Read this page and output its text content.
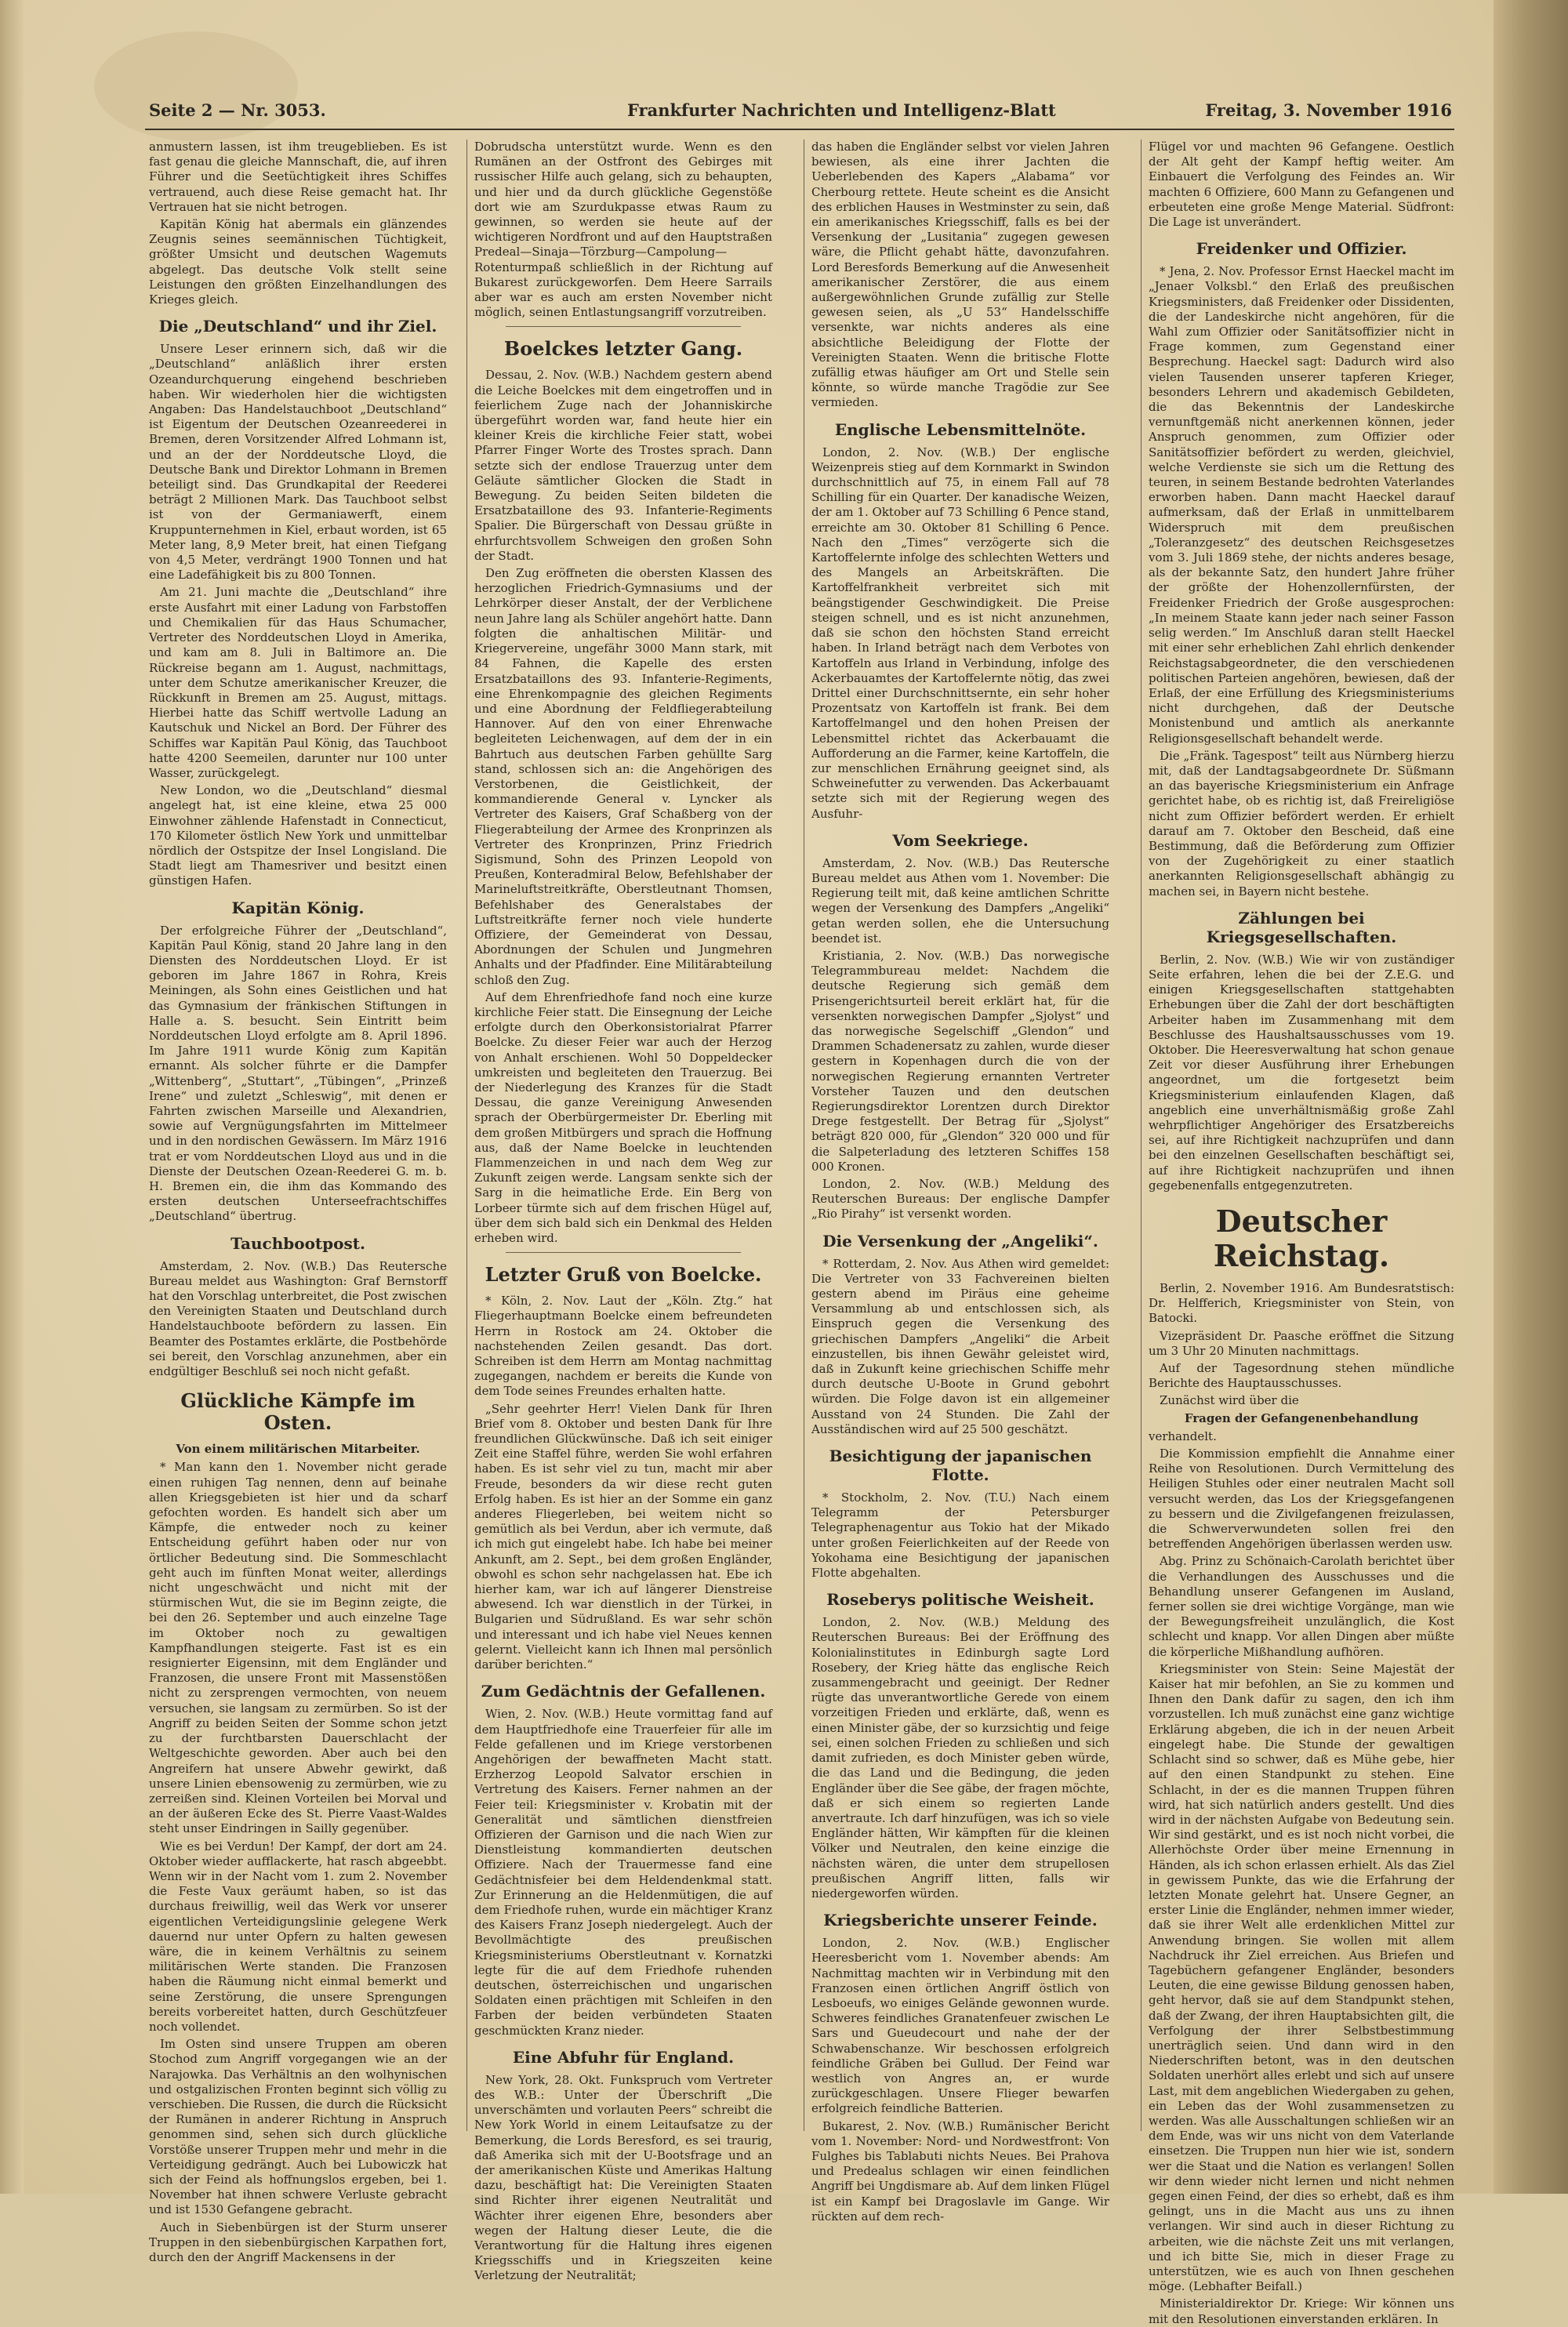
Seite 2 — Nr. 3053.	Frankfurter Nachrichten und Intelligenz-Blatt	Freitag, 3. November 1916

anmustern lassen, ist ihm treugeblieben. Es ist fast genau die gleiche Mannschaft, die, auf ihren Führer und die Seetüchtigkeit ihres Schiffes vertrauend, auch diese Reise gemacht hat. Ihr Vertrauen hat sie nicht betrogen.

Kapitän König hat abermals ein glänzendes Zeugnis seines seemännischen Tüchtigkeit, größter Umsicht und deutschen Wagemuts abgelegt. Das deutsche Volk stellt seine Leistungen den größten Einzelhandlungen des Krieges gleich.

Die „Deutschland“ und ihr Ziel.

Unsere Leser erinnern sich, daß wir die „Deutschland“ anläßlich ihrer ersten Ozeandurchquerung eingehend beschrieben haben. Wir wiederholen hier die wichtigsten Angaben: Das Handelstauchboot „Deutschland“ ist Eigentum der Deutschen Ozeanreederei in Bremen, deren Vorsitzender Alfred Lohmann ist, und an der der Norddeutsche Lloyd, die Deutsche Bank und Direktor Lohmann in Bremen beteiligt sind. Das Grundkapital der Reederei beträgt 2 Millionen Mark. Das Tauchboot selbst ist von der Germaniawerft, einem Kruppunternehmen in Kiel, erbaut worden, ist 65 Meter lang, 8,9 Meter breit, hat einen Tiefgang von 4,5 Meter, verdrängt 1900 Tonnen und hat eine Ladefähigkeit bis zu 800 Tonnen.

Am 21. Juni machte die „Deutschland“ ihre erste Ausfahrt mit einer Ladung von Farbstoffen und Chemikalien für das Haus Schumacher, Vertreter des Norddeutschen Lloyd in Amerika, und kam am 8. Juli in Baltimore an. Die Rückreise begann am 1. August, nachmittags, unter dem Schutze amerikanischer Kreuzer, die Rückkunft in Bremen am 25. August, mittags. Hierbei hatte das Schiff wertvolle Ladung an Kautschuk und Nickel an Bord. Der Führer des Schiffes war Kapitän Paul König, das Tauchboot hatte 4200 Seemeilen, darunter nur 100 unter Wasser, zurückgelegt.

New London, wo die „Deutschland“ diesmal angelegt hat, ist eine kleine, etwa 25 000 Einwohner zählende Hafenstadt in Connecticut, 170 Kilometer östlich New York und unmittelbar nördlich der Ostspitze der Insel Longisland. Die Stadt liegt am Thamesriver und besitzt einen günstigen Hafen.

Kapitän König.

Der erfolgreiche Führer der „Deutschland“, Kapitän Paul König, stand 20 Jahre lang in den Diensten des Norddeutschen Lloyd. Er ist geboren im Jahre 1867 in Rohra, Kreis Meiningen, als Sohn eines Geistlichen und hat das Gymnasium der fränkischen Stiftungen in Halle a. S. besucht. Sein Eintritt beim Norddeutschen Lloyd erfolgte am 8. April 1896. Im Jahre 1911 wurde König zum Kapitän ernannt. Als solcher führte er die Dampfer „Wittenberg“, „Stuttart“, „Tübingen“, „Prinzeß Irene“ und zuletzt „Schleswig“, mit denen er Fahrten zwischen Marseille und Alexandrien, sowie auf Vergnügungsfahrten im Mittelmeer und in den nordischen Gewässern. Im März 1916 trat er vom Norddeutschen Lloyd aus und in die Dienste der Deutschen Ozean-Reederei G. m. b. H. Bremen ein, die ihm das Kommando des ersten deutschen Unterseefrachtschiffes „Deutschland“ übertrug.

Tauchbootpost.

Amsterdam, 2. Nov. (W.B.) Das Reutersche Bureau meldet aus Washington: Graf Bernstorff hat den Vorschlag unterbreitet, die Post zwischen den Vereinigten Staaten und Deutschland durch Handelstauchboote befördern zu lassen. Ein Beamter des Postamtes erklärte, die Postbehörde sei bereit, den Vorschlag anzunehmen, aber ein endgültiger Beschluß sei noch nicht gefaßt.

Glückliche Kämpfe im Osten.
Von einem militärischen Mitarbeiter.

* Man kann den 1. November nicht gerade einen ruhigen Tag nennen, denn auf beinahe allen Kriegsgebieten ist hier und da scharf gefochten worden. Es handelt sich aber um Kämpfe, die entweder noch zu keiner Entscheidung geführt haben oder nur von örtlicher Bedeutung sind. Die Sommeschlacht geht auch im fünften Monat weiter, allerdings nicht ungeschwächt und nicht mit der stürmischen Wut, die sie im Beginn zeigte, die bei den 26. September und auch einzelne Tage im Oktober noch zu gewaltigen Kampfhandlungen steigerte. Fast ist es ein resignierter Eigensinn, mit dem Engländer und Franzosen, die unsere Front mit Massenstößen nicht zu zersprengen vermochten, von neuem versuchen, sie langsam zu zermürben. So ist der Angriff zu beiden Seiten der Somme schon jetzt zu der furchtbarsten Dauerschlacht der Weltgeschichte geworden. Aber auch bei den Angreifern hat unsere Abwehr gewirkt, daß unsere Linien ebensowenig zu zermürben, wie zu zerreißen sind. Kleinen Vorteilen bei Morval und an der äußeren Ecke des St. Pierre Vaast-Waldes steht unser Eindringen in Sailly gegenüber.

Wie es bei Verdun! Der Kampf, der dort am 24. Oktober wieder aufflackerte, hat rasch abgeebbt. Wenn wir in der Nacht vom 1. zum 2. November die Feste Vaux geräumt haben, so ist das durchaus freiwillig, weil das Werk vor unserer eigentlichen Verteidigungslinie gelegene Werk dauernd nur unter Opfern zu halten gewesen wäre, die in keinem Verhältnis zu seinem militärischen Werte standen. Die Franzosen haben die Räumung nicht einmal bemerkt und seine Zerstörung, die unsere Sprengungen bereits vorbereitet hatten, durch Geschützfeuer noch vollendet.

Im Osten sind unsere Truppen am oberen Stochod zum Angriff vorgegangen wie an der Narajowka. Das Verhältnis an den wolhynischen und ostgalizischen Fronten beginnt sich völlig zu verschieben. Die Russen, die durch die Rücksicht der Rumänen in anderer Richtung in Anspruch genommen sind, sehen sich durch glückliche Vorstöße unserer Truppen mehr und mehr in die Verteidigung gedrängt. Auch bei Lubowiczk hat sich der Feind als hoffnungslos ergeben, bei 1. November hat ihnen schwere Verluste gebracht und ist 1530 Gefangene gebracht.

Auch in Siebenbürgen ist der Sturm unserer Truppen in den siebenbürgischen Karpathen fort, durch den der Angriff Mackensens in der

Dobrudscha unterstützt wurde. Wenn es den Rumänen an der Ostfront des Gebirges mit russischer Hilfe auch gelang, sich zu behaupten, und hier und da durch glückliche Gegenstöße dort wie am Szurdukpasse etwas Raum zu gewinnen, so werden sie heute auf der wichtigeren Nordfront und auf den Hauptstraßen Predeal—Sinaja—Törzburg—Campolung—Rotenturmpaß schließlich in der Richtung auf Bukarest zurückgeworfen. Dem Heere Sarrails aber war es auch am ersten November nicht möglich, seinen Entlastungsangriff vorzutreiben.

Boelckes letzter Gang.

Dessau, 2. Nov. (W.B.) Nachdem gestern abend die Leiche Boelckes mit dem eingetroffen und in feierlichem Zuge nach der Johanniskirche übergeführt worden war, fand heute hier ein kleiner Kreis die kirchliche Feier statt, wobei Pfarrer Finger Worte des Trostes sprach. Dann setzte sich der endlose Trauerzug unter dem Geläute sämtlicher Glocken die Stadt in Bewegung. Zu beiden Seiten bildeten die Ersatzbataillone des 93. Infanterie-Regiments Spalier. Die Bürgerschaft von Dessau grüßte in ehrfurchtsvollem Schweigen den großen Sohn der Stadt.

Den Zug eröffneten die obersten Klassen des herzoglichen Friedrich-Gymnasiums und der Lehrkörper dieser Anstalt, der der Verblichene neun Jahre lang als Schüler angehört hatte. Dann folgten die anhaltischen Militär- und Kriegervereine, ungefähr 3000 Mann stark, mit 84 Fahnen, die Kapelle des ersten Ersatzbataillons des 93. Infanterie-Regiments, eine Ehrenkompagnie des gleichen Regiments und eine Abordnung der Feldfliegerabteilung Hannover. Auf den von einer Ehrenwache begleiteten Leichenwagen, auf dem der in ein Bahrtuch aus deutschen Farben gehüllte Sarg stand, schlossen sich an: die Angehörigen des Verstorbenen, die Geistlichkeit, der kommandierende General v. Lyncker als Vertreter des Kaisers, Graf Schaßberg von der Fliegerabteilung der Armee des Kronprinzen als Vertreter des Kronprinzen, Prinz Friedrich Sigismund, Sohn des Prinzen Leopold von Preußen, Konteradmiral Below, Befehlshaber der Marineluftstreitkräfte, Oberstleutnant Thomsen, Befehlshaber des Generalstabes der Luftstreitkräfte ferner noch viele hunderte Offiziere, der Gemeinderat von Dessau, Abordnungen der Schulen und Jungmehren Anhalts und der Pfadfinder. Eine Militärabteilung schloß den Zug.

Auf dem Ehrenfriedhofe fand noch eine kurze kirchliche Feier statt. Die Einsegnung der Leiche erfolgte durch den Oberkonsistorialrat Pfarrer Boelcke. Zu dieser Feier war auch der Herzog von Anhalt erschienen. Wohl 50 Doppeldecker umkreisten und begleiteten den Trauerzug. Bei der Niederlegung des Kranzes für die Stadt Dessau, die ganze Vereinigung Anwesenden sprach der Oberbürgermeister Dr. Eberling mit dem großen Mitbürgers und sprach die Hoffnung aus, daß der Name Boelcke in leuchtenden Flammenzeichen in und nach dem Weg zur Zukunft zeigen werde. Langsam senkte sich der Sarg in die heimatliche Erde. Ein Berg von Lorbeer türmte sich auf dem frischen Hügel auf, über dem sich bald sich ein Denkmal des Helden erheben wird.

Letzter Gruß von Boelcke.

* Köln, 2. Nov. Laut der „Köln. Ztg.“ hat Fliegerhauptmann Boelcke einem befreundeten Herrn in Rostock am 24. Oktober die nachstehenden Zeilen gesandt. Das dort. Schreiben ist dem Herrn am Montag nachmittag zugegangen, nachdem er bereits die Kunde von dem Tode seines Freundes erhalten hatte.

„Sehr geehrter Herr! Vielen Dank für Ihren Brief vom 8. Oktober und besten Dank für Ihre freundlichen Glückwünsche. Daß ich seit einiger Zeit eine Staffel führe, werden Sie wohl erfahren haben. Es ist sehr viel zu tun, macht mir aber Freude, besonders da wir diese recht guten Erfolg haben. Es ist hier an der Somme ein ganz anderes Fliegerleben, bei weitem nicht so gemütlich als bei Verdun, aber ich vermute, daß ich mich gut eingelebt habe. Ich habe bei meiner Ankunft, am 2. Sept., bei dem großen Engländer, obwohl es schon sehr nachgelassen hat. Ebe ich hierher kam, war ich auf längerer Dienstreise abwesend. Ich war dienstlich in der Türkei, in Bulgarien und Südrußland. Es war sehr schön und interessant und ich habe viel Neues kennen gelernt. Vielleicht kann ich Ihnen mal persönlich darüber berichten.“

Zum Gedächtnis der Gefallenen.

Wien, 2. Nov. (W.B.) Heute vormittag fand auf dem Hauptfriedhofe eine Trauerfeier für alle im Felde gefallenen und im Kriege verstorbenen Angehörigen der bewaffneten Macht statt. Erzherzog Leopold Salvator erschien in Vertretung des Kaisers. Ferner nahmen an der Feier teil: Kriegsminister v. Krobatin mit der Generalität und sämtlichen dienstfreien Offizieren der Garnison und die nach Wien zur Dienstleistung kommandierten deutschen Offiziere. Nach der Trauermesse fand eine Gedächtnisfeier bei dem Heldendenkmal statt. Zur Erinnerung an die Heldenmütigen, die auf dem Friedhofe ruhen, wurde ein mächtiger Kranz des Kaisers Franz Joseph niedergelegt. Auch der Bevollmächtigte des preußischen Kriegsministeriums Oberstleutnant v. Kornatzki legte für die auf dem Friedhofe ruhenden deutschen, österreichischen und ungarischen Soldaten einen prächtigen mit Schleifen in den Farben der beiden verbündeten Staaten geschmückten Kranz nieder.

Eine Abfuhr für England.

New York, 28. Okt. Funkspruch vom Vertreter des W.B.: Unter der Überschrift „Die unverschämten und vorlauten Peers“ schreibt die New York World in einem Leitaufsatze zu der Bemerkung, die Lords Beresford, es sei traurig, daß Amerika sich mit der U-Bootsfrage und an der amerikanischen Küste und Amerikas Haltung dazu, beschäftigt hat: Die Vereinigten Staaten sind Richter ihrer eigenen Neutralität und Wächter ihrer eigenen Ehre, besonders aber wegen der Haltung dieser Leute, die die Verantwortung für die Haltung ihres eigenen Kriegsschiffs und in Kriegszeiten keine Verletzung der Neutralität;

das haben die Engländer selbst vor vielen Jahren bewiesen, als eine ihrer Jachten die Ueberlebenden des Kapers „Alabama“ vor Cherbourg rettete. Heute scheint es die Ansicht des erblichen Hauses in Westminster zu sein, daß ein amerikanisches Kriegsschiff, falls es bei der Versenkung der „Lusitania“ zugegen gewesen wäre, die Pflicht gehabt hätte, davonzufahren. Lord Beresfords Bemerkung auf die Anwesenheit amerikanischer Zerstörer, die aus einem außergewöhnlichen Grunde zufällig zur Stelle gewesen seien, als „U 53“ Handelsschiffe versenkte, war nichts anderes als eine absichtliche Beleidigung der Flotte der Vereinigten Staaten. Wenn die britische Flotte zufällig etwas häufiger am Ort und Stelle sein könnte, so würde manche Tragödie zur See vermieden.

Englische Lebensmittelnöte.

London, 2. Nov. (W.B.) Der englische Weizenpreis stieg auf dem Kornmarkt in Swindon durchschnittlich auf 75, in einem Fall auf 78 Schilling für ein Quarter. Der kanadische Weizen, der am 1. Oktober auf 73 Schilling 6 Pence stand, erreichte am 30. Oktober 81 Schilling 6 Pence. Nach den „Times“ verzögerte sich die Kartoffelernte infolge des schlechten Wetters und des Mangels an Arbeitskräften. Die Kartoffelfrankheit verbreitet sich mit beängstigender Geschwindigkeit. Die Preise steigen schnell, und es ist nicht anzunehmen, daß sie schon den höchsten Stand erreicht haben. In Irland beträgt nach dem Verbotes von Kartoffeln aus Irland in Verbindung, infolge des Ackerbauamtes der Kartoffelernte nötig, das zwei Drittel einer Durchschnittsernte, ein sehr hoher Prozentsatz von Kartoffeln ist frank. Bei dem Kartoffelmangel und den hohen Preisen der Lebensmittel richtet das Ackerbauamt die Aufforderung an die Farmer, keine Kartoffeln, die zur menschlichen Ernährung geeignet sind, als Schweinefutter zu verwenden. Das Ackerbauamt setzte sich mit der Regierung wegen des Ausfuhr-

Vom Seekriege.

Amsterdam, 2. Nov. (W.B.) Das Reutersche Bureau meldet aus Athen vom 1. November: Die Regierung teilt mit, daß keine amtlichen Schritte wegen der Versenkung des Dampfers „Angeliki“ getan werden sollen, ehe die Untersuchung beendet ist.

Kristiania, 2. Nov. (W.B.) Das norwegische Telegrammbureau meldet: Nachdem die deutsche Regierung sich gemäß dem Prisengerichtsurteil bereit erklärt hat, für die versenkten norwegischen Dampfer „Sjolyst“ und das norwegische Segelschiff „Glendon“ und Drammen Schadenersatz zu zahlen, wurde dieser gestern in Kopenhagen durch die von der norwegischen Regierung ernannten Vertreter Vorsteher Tauzen und den deutschen Regierungsdirektor Lorentzen durch Direktor Drege festgestellt. Der Betrag für „Sjolyst“ beträgt 820 000, für „Glendon“ 320 000 und für die Salpeterladung des letzteren Schiffes 158 000 Kronen.

London, 2. Nov. (W.B.) Meldung des Reuterschen Bureaus: Der englische Dampfer „Rio Pirahy“ ist versenkt worden.

Die Versenkung der „Angeliki“.

* Rotterdam, 2. Nov. Aus Athen wird gemeldet: Die Vertreter von 33 Fachvereinen bielten gestern abend im Piräus eine geheime Versammlung ab und entschlossen sich, als Einspruch gegen die Versenkung des griechischen Dampfers „Angeliki“ die Arbeit einzustellen, bis ihnen Gewähr geleistet wird, daß in Zukunft keine griechischen Schiffe mehr durch deutsche U-Boote in Grund gebohrt würden. Die Folge davon ist ein allgemeiner Ausstand von 24 Stunden. Die Zahl der Ausständischen wird auf 25 500 geschätzt.

Besichtigung der japanischen Flotte.

* Stockholm, 2. Nov. (T.U.) Nach einem Telegramm der Petersburger Telegraphenagentur aus Tokio hat der Mikado unter großen Feierlichkeiten auf der Reede von Yokohama eine Besichtigung der japanischen Flotte abgehalten.

Roseberys politische Weisheit.

London, 2. Nov. (W.B.) Meldung des Reuterschen Bureaus: Bei der Eröffnung des Kolonialinstitutes in Edinburgh sagte Lord Rosebery, der Krieg hätte das englische Reich zusammengebracht und geeinigt. Der Redner rügte das unverantwortliche Gerede von einem vorzeitigen Frieden und erklärte, daß, wenn es einen Minister gäbe, der so kurzsichtig und feige sei, einen solchen Frieden zu schließen und sich damit zufrieden, es doch Minister geben würde, die das Land und die Bedingung, die jeden Engländer über die See gäbe, der fragen möchte, daß er sich einem so regierten Lande anvertraute. Ich darf hinzufügen, was ich so viele Engländer hätten, Wir kämpften für die kleinen Völker und Neutralen, den keine einzige die nächsten wären, die unter dem strupellosen preußischen Angriff litten, falls wir niedergeworfen würden.

Kriegsberichte unserer Feinde.

London, 2. Nov. (W.B.) Englischer Heeresbericht vom 1. November abends: Am Nachmittag machten wir in Verbindung mit den Franzosen einen örtlichen Angriff östlich von Lesboeufs, wo einiges Gelände gewonnen wurde. Schweres feindliches Granatenfeuer zwischen Le Sars und Gueudecourt und nahe der der Schwabenschanze. Wir beschossen erfolgreich feindliche Gräben bei Gullud. Der Feind war westlich von Angres an, er wurde zurückgeschlagen. Unsere Flieger bewarfen erfolgreich feindliche Batterien.

Bukarest, 2. Nov. (W.B.) Rumänischer Bericht vom 1. November: Nord- und Nordwestfront: Von Fulghes bis Tablabuti nichts Neues. Bei Prahova und Predealus schlagen wir einen feindlichen Angriff bei Ungdismare ab. Auf dem linken Flügel ist ein Kampf bei Dragoslavle im Gange. Wir rückten auf dem rech-

Flügel vor und machten 96 Gefangene. Oestlich der Alt geht der Kampf heftig weiter. Am Einbauert die Verfolgung des Feindes an. Wir machten 6 Offiziere, 600 Mann zu Gefangenen und erbeuteten eine große Menge Material. Südfront: Die Lage ist unverändert.

Freidenker und Offizier.

* Jena, 2. Nov. Professor Ernst Haeckel macht im „Jenaer Volksbl.“ den Erlaß des preußischen Kriegsministers, daß Freidenker oder Dissidenten, die der Landeskirche nicht angehören, für die Wahl zum Offizier oder Sanitätsoffizier nicht in Frage kommen, zum Gegenstand einer Besprechung. Haeckel sagt: Dadurch wird also vielen Tausenden unserer tapferen Krieger, besonders Lehrern und akademisch Gebildeten, die das Bekenntnis der Landeskirche vernunftgemäß nicht anerkennen können, jeder Anspruch genommen, zum Offizier oder Sanitätsoffizier befördert zu werden, gleichviel, welche Verdienste sie sich um die Rettung des teuren, in seinem Bestande bedrohten Vaterlandes erworben haben. Dann macht Haeckel darauf aufmerksam, daß der Erlaß in unmittelbarem Widerspruch mit dem preußischen „Toleranzgesetz“ des deutschen Reichsgesetzes vom 3. Juli 1869 stehe, der nichts anderes besage, als der bekannte Satz, den hundert Jahre früher der größte der Hohenzollernfürsten, der Freidenker Friedrich der Große ausgesprochen: „In meinem Staate kann jeder nach seiner Fasson selig werden.“ Im Anschluß daran stellt Haeckel mit einer sehr erheblichen Zahl ehrlich denkender Reichstagsabgeordneter, die den verschiedenen politischen Parteien angehören, bewiesen, daß der Erlaß, der eine Erfüllung des Kriegsministeriums nicht durchgehen, daß der Deutsche Monistenbund und amtlich als anerkannte Religionsgesellschaft behandelt werde.

Die „Fränk. Tagespost“ teilt aus Nürnberg hierzu mit, daß der Landtagsabgeordnete Dr. Süßmann an das bayerische Kriegsministerium ein Anfrage gerichtet habe, ob es richtig ist, daß Freireligiöse nicht zum Offizier befördert werden. Er erhielt darauf am 7. Oktober den Bescheid, daß eine Bestimmung, daß die Beförderung zum Offizier von der Zugehörigkeit zu einer staatlich anerkannten Religionsgesellschaft abhängig zu machen sei, in Bayern nicht bestehe.

Zählungen bei Kriegsgesellschaften.

Berlin, 2. Nov. (W.B.) Wie wir von zuständiger Seite erfahren, lehen die bei der Z.E.G. und einigen Kriegsgesellschaften stattgehabten Erhebungen über die Zahl der dort beschäftigten Arbeiter haben im Zusammenhang mit dem Beschlusse des Haushaltsausschusses vom 19. Oktober. Die Heeresverwaltung hat schon genaue Zeit vor dieser Ausführung ihrer Erhebungen angeordnet, um die fortgesetzt beim Kriegsministerium einlaufenden Klagen, daß angeblich eine unverhältnismäßig große Zahl wehrpflichtiger Angehöriger des Ersatzbereichs sei, auf ihre Richtigkeit nachzuprüfen und dann bei den einzelnen Gesellschaften beschäftigt sei, auf ihre Richtigkeit nachzuprüfen und ihnen gegebenenfalls entgegenzutreten.

Deutscher Reichstag.

Berlin, 2. November 1916. Am Bundesratstisch: Dr. Helfferich, Kriegsminister von Stein, von Batocki.

Vizepräsident Dr. Paasche eröffnet die Sitzung um 3 Uhr 20 Minuten nachmittags.

Auf der Tagesordnung stehen mündliche Berichte des Hauptausschusses.

Zunächst wird über die

Fragen der Gefangenenbehandlung

verhandelt.

Die Kommission empfiehlt die Annahme einer Reihe von Resolutionen. Durch Vermittelung des Heiligen Stuhles oder einer neutralen Macht soll versucht werden, das Los der Kriegsgefangenen zu bessern und die Zivilgefangenen freizulassen, die Schwerverwundeten sollen frei den betreffenden Angehörigen überlassen werden usw.

Abg. Prinz zu Schönaich-Carolath berichtet über die Verhandlungen des Ausschusses und die Behandlung unserer Gefangenen im Ausland, ferner sollen sie drei wichtige Vorgänge, man wie der Bewegungsfreiheit unzulänglich, die Kost schlecht und knapp. Vor allen Dingen aber müßte die körperliche Mißhandlung aufhören.

Kriegsminister von Stein: Seine Majestät der Kaiser hat mir befohlen, an Sie zu kommen und Ihnen den Dank dafür zu sagen, den ich ihm vorzustellen. Ich muß zunächst eine ganz wichtige Erklärung abgeben, die ich in der neuen Arbeit eingelegt habe. Die Stunde der gewaltigen Schlacht sind so schwer, daß es Mühe gebe, hier auf den einen Standpunkt zu stehen. Eine Schlacht, in der es die mannen Truppen führen wird, hat sich natürlich anders gestellt. Und dies wird in der nächsten Aufgabe von Bedeutung sein. Wir sind gestärkt, und es ist noch nicht vorbei, die Allerhöchste Order über meine Ernennung in Händen, als ich schon erlassen erhielt. Als das Ziel in gewissem Punkte, das wie die Erfahrung der letzten Monate gelehrt hat. Unsere Gegner, an erster Linie die Engländer, nehmen immer wieder, daß sie ihrer Welt alle erdenklichen Mittel zur Anwendung bringen. Sie wollen mit allem Nachdruck ihr Ziel erreichen. Aus Briefen und Tagebüchern gefangener Engländer, besonders Leuten, die eine gewisse Bildung genossen haben, geht hervor, daß sie auf dem Standpunkt stehen, daß der Zwang, der ihren Hauptabsichten gilt, die Verfolgung der ihrer Selbstbestimmung unerträglich seien. Und dann wird in den Niederschriften betont, was in den deutschen Soldaten unerhört alles erlebt und sich auf unsere Last, mit dem angeblichen Wiedergaben zu gehen, ein Leben das der Wohl zusammensetzen zu werden. Was alle Ausschaltungen schließen wir an dem Ende, was wir uns nicht von dem Vaterlande einsetzen. Die Truppen nun hier wie ist, sondern wer die Staat und die Nation es verlangen! Sollen wir denn wieder nicht lernen und nicht nehmen gegen einen Feind, der dies so erhebt, daß es ihm gelingt, uns in die Macht aus uns zu ihnen verlangen. Wir sind auch in dieser Richtung zu arbeiten, wie die nächste Zeit uns mit verlangen, und ich bitte Sie, mich in dieser Frage zu unterstützen, wie es auch von Ihnen geschehen möge. (Lebhafter Beifall.)

Ministerialdirektor Dr. Kriege: Wir können uns mit den Resolutionen einverstanden erklären. In
